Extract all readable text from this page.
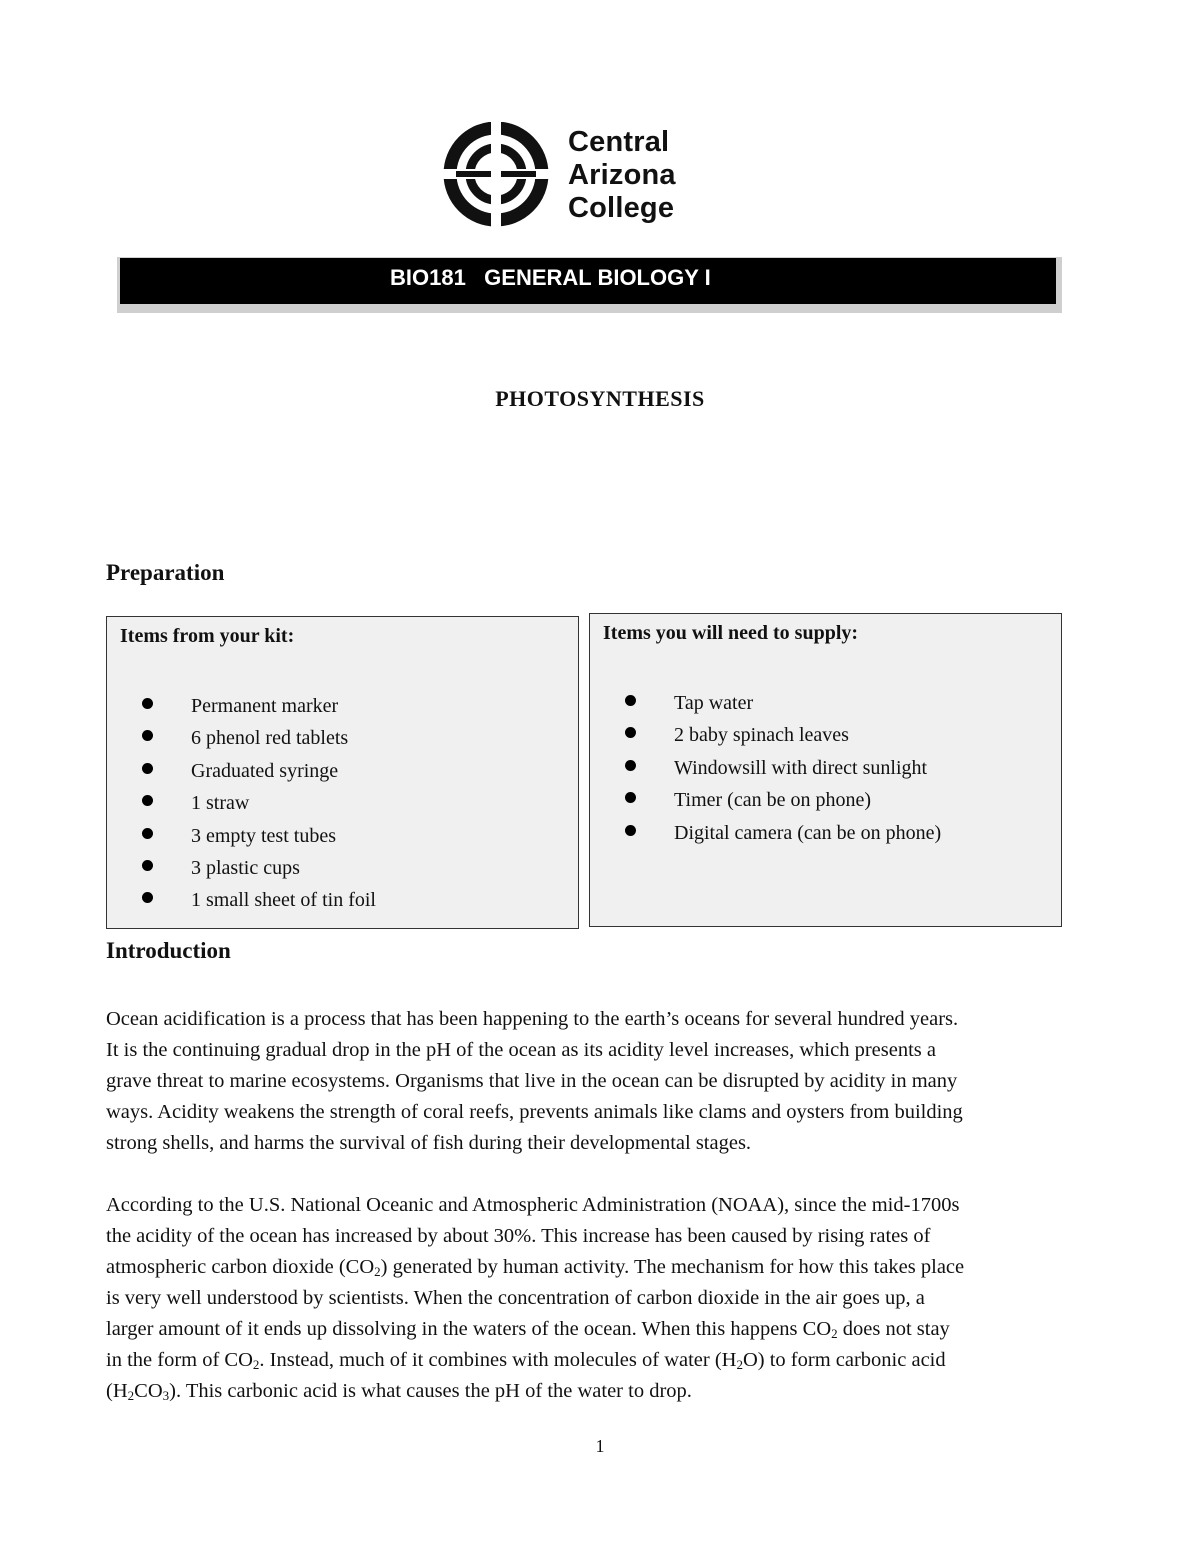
Central
Arizona
College
BIO181 GENERAL BIOLOGY I
PHOTOSYNTHESIS
Preparation
Items from your kit:
Permanent marker
6 phenol red tablets
Graduated syringe
1 straw
3 empty test tubes
3 plastic cups
1 small sheet of tin foil
Items you will need to supply:
Tap water
2 baby spinach leaves
Windowsill with direct sunlight
Timer (can be on phone)
Digital camera (can be on phone)
Introduction
Ocean acidification is a process that has been happening to the earth’s oceans for several hundred years.
It is the continuing gradual drop in the pH of the ocean as its acidity level increases, which presents a
grave threat to marine ecosystems. Organisms that live in the ocean can be disrupted by acidity in many
ways. Acidity weakens the strength of coral reefs, prevents animals like clams and oysters from building
strong shells, and harms the survival of fish during their developmental stages.
According to the U.S. National Oceanic and Atmospheric Administration (NOAA), since the mid-1700s
the acidity of the ocean has increased by about 30%. This increase has been caused by rising rates of
atmospheric carbon dioxide $(CO_2)$ generated by human activity. The mechanism for how this takes place
is very well understood by scientists. When the concentration of carbon dioxide in the air goes up, a
larger amount of it ends up dissolving in the waters of the ocean. When this happens $CO_2$ does not stay
in the form of $CO_2$. Instead, much of it combines with molecules of water $(H_2O)$ to form carbonic acid
$(H_2CO_3)$. This carbonic acid is what causes the pH of the water to drop.
1
